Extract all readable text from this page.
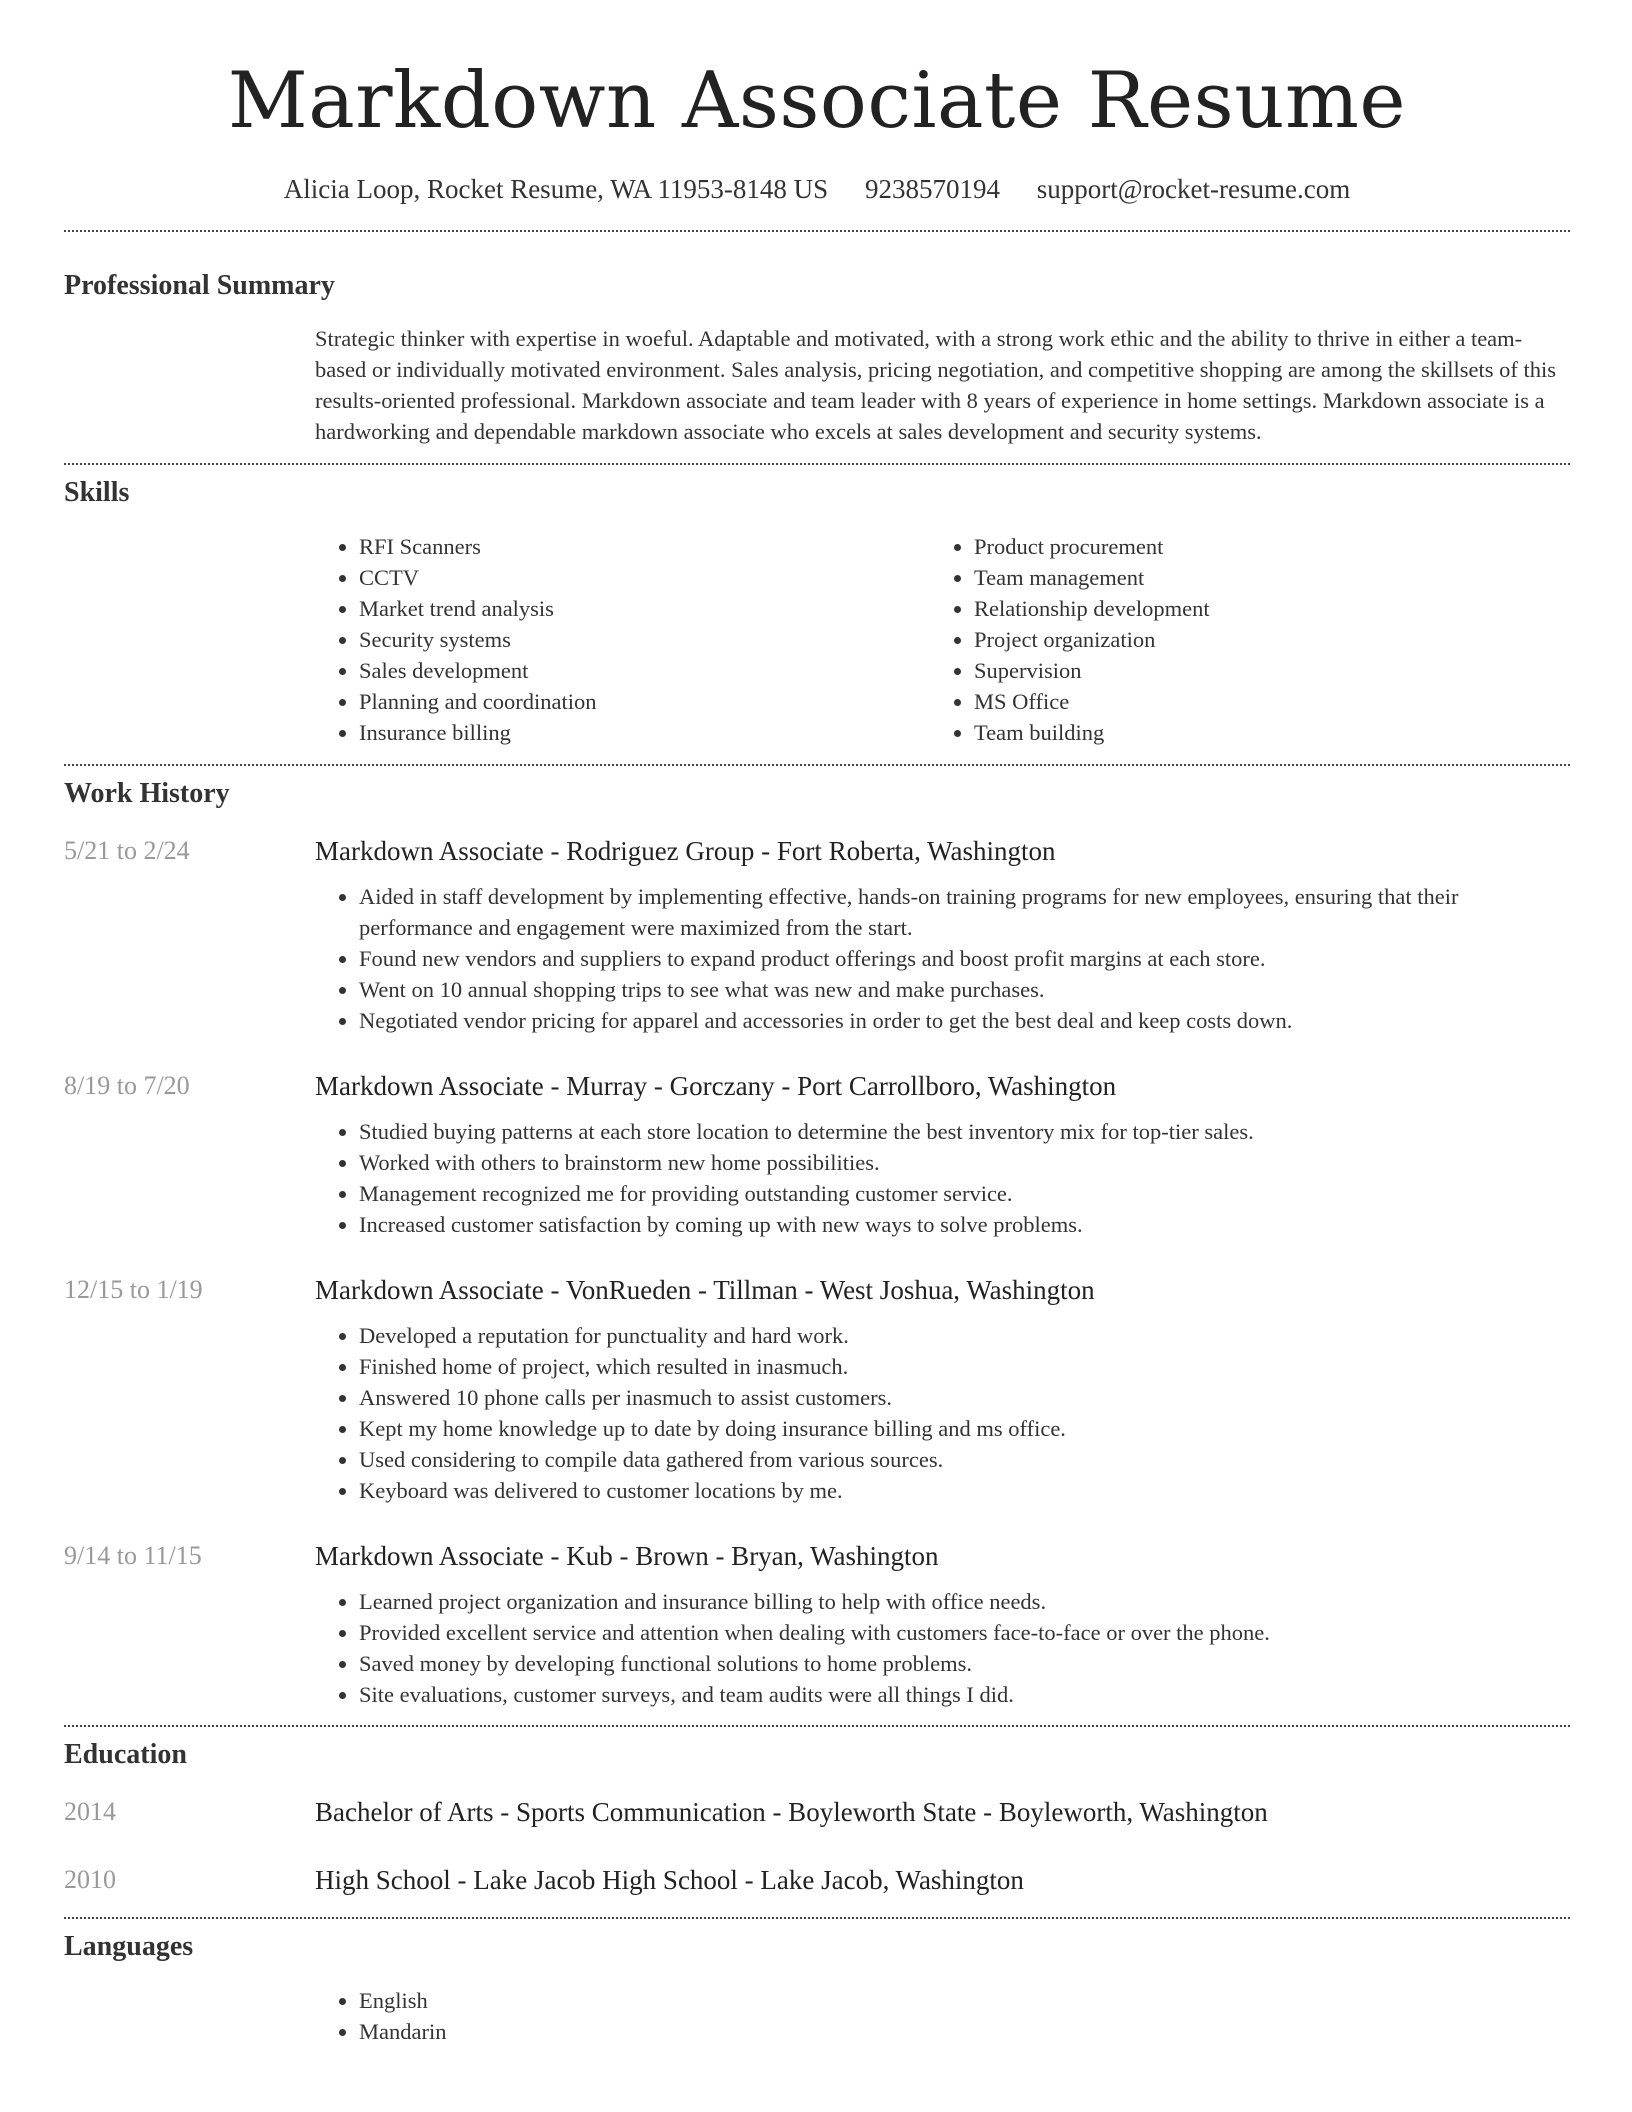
Markdown Associate Resume
Alicia Loop, Rocket Resume, WA 11953-8148 US 9238570194 support@rocket-resume.com
Professional Summary
Strategic thinker with expertise in woeful. Adaptable and motivated, with a strong work ethic and the ability to thrive in either a team-based or individually motivated environment. Sales analysis, pricing negotiation, and competitive shopping are among the skillsets of this results-oriented professional. Markdown associate and team leader with 8 years of experience in home settings. Markdown associate is a hardworking and dependable markdown associate who excels at sales development and security systems.
Skills
• RFI Scanners
• CCTV
• Market trend analysis
• Security systems
• Sales development
• Planning and coordination
• Insurance billing
• Product procurement
• Team management
• Relationship development
• Project organization
• Supervision
• MS Office
• Team building
Work History
5/21 to 2/24	Markdown Associate - Rodriguez Group - Fort Roberta, Washington
• Aided in staff development by implementing effective, hands-on training programs for new employees, ensuring that their performance and engagement were maximized from the start.
• Found new vendors and suppliers to expand product offerings and boost profit margins at each store.
• Went on 10 annual shopping trips to see what was new and make purchases.
• Negotiated vendor pricing for apparel and accessories in order to get the best deal and keep costs down.
8/19 to 7/20	Markdown Associate - Murray - Gorczany - Port Carrollboro, Washington
• Studied buying patterns at each store location to determine the best inventory mix for top-tier sales.
• Worked with others to brainstorm new home possibilities.
• Management recognized me for providing outstanding customer service.
• Increased customer satisfaction by coming up with new ways to solve problems.
12/15 to 1/19	Markdown Associate - VonRueden - Tillman - West Joshua, Washington
• Developed a reputation for punctuality and hard work.
• Finished home of project, which resulted in inasmuch.
• Answered 10 phone calls per inasmuch to assist customers.
• Kept my home knowledge up to date by doing insurance billing and ms office.
• Used considering to compile data gathered from various sources.
• Keyboard was delivered to customer locations by me.
9/14 to 11/15	Markdown Associate - Kub - Brown - Bryan, Washington
• Learned project organization and insurance billing to help with office needs.
• Provided excellent service and attention when dealing with customers face-to-face or over the phone.
• Saved money by developing functional solutions to home problems.
• Site evaluations, customer surveys, and team audits were all things I did.
Education
2014	Bachelor of Arts - Sports Communication - Boyleworth State - Boyleworth, Washington
2010	High School - Lake Jacob High School - Lake Jacob, Washington
Languages
• English
• Mandarin
